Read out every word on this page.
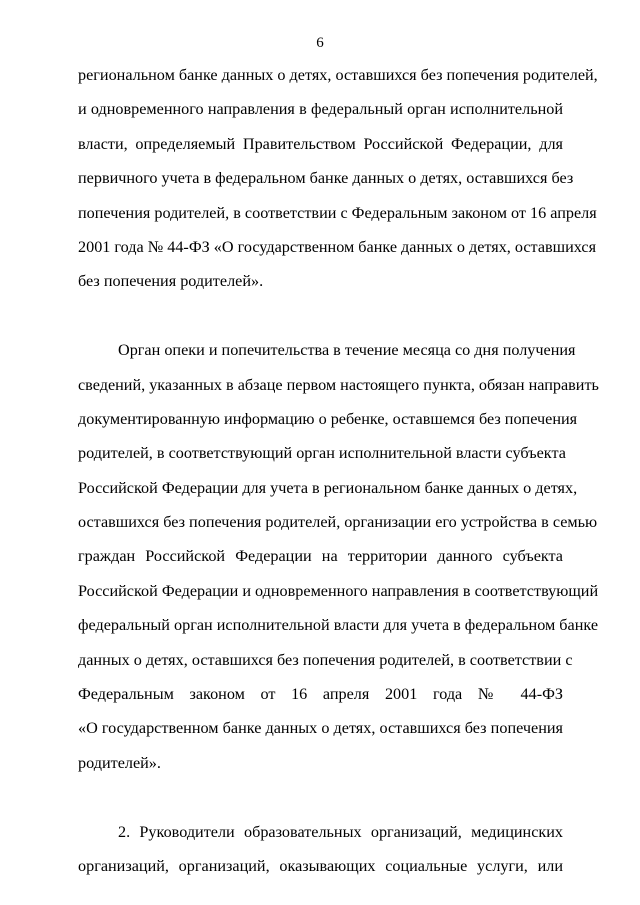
6
региональном банке данных о детях, оставшихся без попечения родителей,
и одновременного направления в федеральный орган исполнительной
власти, определяемый Правительством Российской Федерации, для
первичного учета в федеральном банке данных о детях, оставшихся без
попечения родителей, в соответствии с Федеральным законом от 16 апреля
2001 года № 44-ФЗ «О государственном банке данных о детях, оставшихся
без попечения родителей».
Орган опеки и попечительства в течение месяца со дня получения
сведений, указанных в абзаце первом настоящего пункта, обязан направить
документированную информацию о ребенке, оставшемся без попечения
родителей, в соответствующий орган исполнительной власти субъекта
Российской Федерации для учета в региональном банке данных о детях,
оставшихся без попечения родителей, организации его устройства в семью
граждан Российской Федерации на территории данного субъекта
Российской Федерации и одновременного направления в соответствующий
федеральный орган исполнительной власти для учета в федеральном банке
данных о детях, оставшихся без попечения родителей, в соответствии с
Федеральным законом от 16 апреля 2001 года № 44-ФЗ
«О государственном банке данных о детях, оставшихся без попечения
родителей».
2. Руководители образовательных организаций, медицинских
организаций, организаций, оказывающих социальные услуги, или
